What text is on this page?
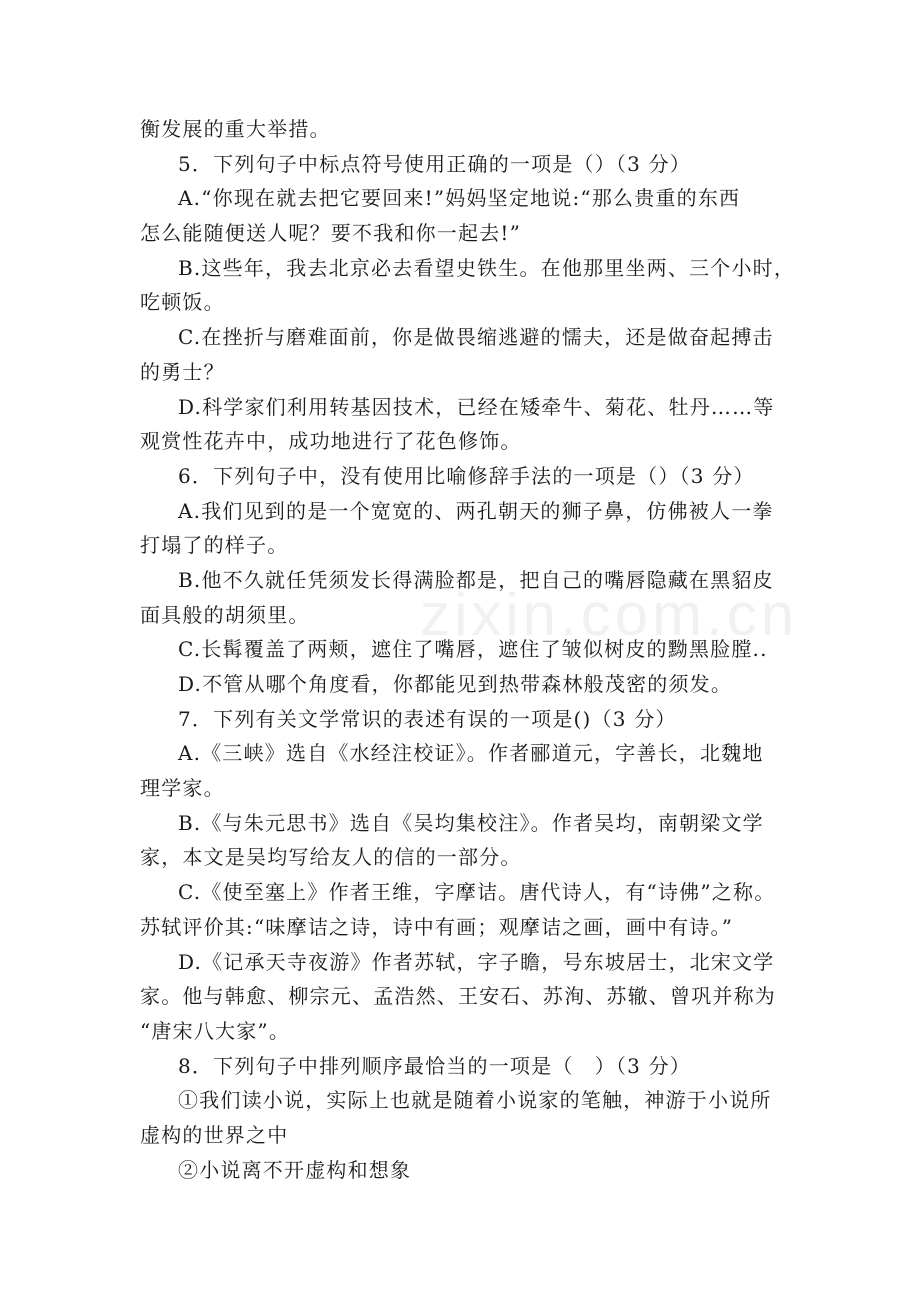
衡发展的重大举措。
5．下列句子中标点符号使用正确的一项是（）（3 分）
A.“你现在就去把它要回来!”妈妈坚定地说:“那么贵重的东西
怎么能随便送人呢？要不我和你一起去!”
B.这些年，我去北京必去看望史铁生。在他那里坐两、三个小时，
吃顿饭。
C.在挫折与磨难面前，你是做畏缩逃避的懦夫，还是做奋起搏击
的勇士？
D.科学家们利用转基因技术，已经在矮牵牛、菊花、牡丹……等
观赏性花卉中，成功地进行了花色修饰。
6．下列句子中，没有使用比喻修辞手法的一项是（）（3 分）
A.我们见到的是一个宽宽的、两孔朝天的狮子鼻，仿佛被人一拳
打塌了的样子。
B.他不久就任凭须发长得满脸都是，把自己的嘴唇隐藏在黑貂皮
面具般的胡须里。
C.长髯覆盖了两颊，遮住了嘴唇，遮住了皱似树皮的黝黑脸膛..
D.不管从哪个角度看，你都能见到热带森林般茂密的须发。
7．下列有关文学常识的表述有误的一项是()（3 分）
A.《三峡》选自《水经注校证》。作者郦道元，字善长，北魏地
理学家。
B.《与朱元思书》选自《吴均集校注》。作者吴均，南朝梁文学
家，本文是吴均写给友人的信的一部分。
C.《使至塞上》作者王维，字摩诘。唐代诗人，有“诗佛”之称。
苏轼评价其:“味摩诘之诗，诗中有画；观摩诘之画，画中有诗。”
D.《记承天寺夜游》作者苏轼，字子瞻，号东坡居士，北宋文学
家。他与韩愈、柳宗元、孟浩然、王安石、苏洵、苏辙、曾巩并称为
“唐宋八大家”。
8．下列句子中排列顺序最恰当的一项是（　）（3 分）
①我们读小说，实际上也就是随着小说家的笔触，神游于小说所
虚构的世界之中
②小说离不开虚构和想象
zixin.com.cn
